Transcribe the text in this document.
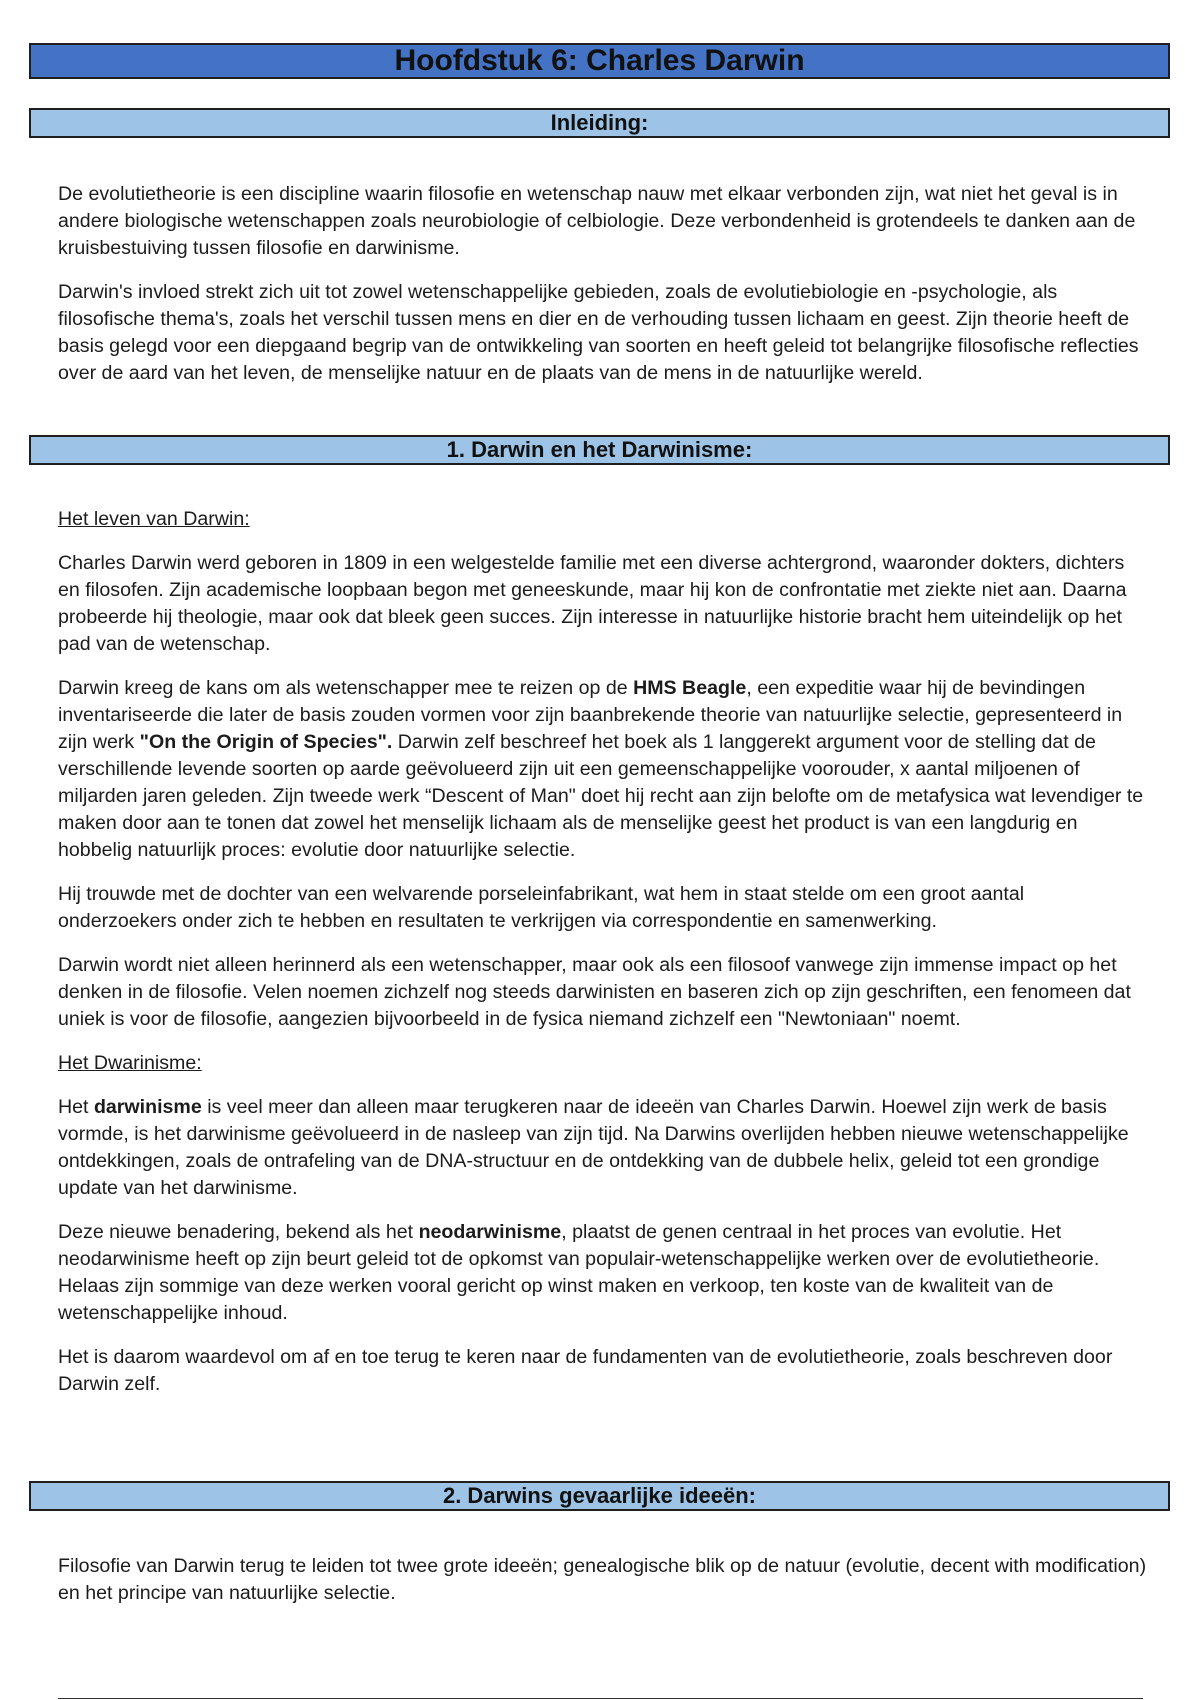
Hoofdstuk 6: Charles Darwin
Inleiding:

De evolutietheorie is een discipline waarin filosofie en wetenschap nauw met elkaar verbonden zijn, wat niet het geval is in andere biologische wetenschappen zoals neurobiologie of celbiologie. Deze verbondenheid is grotendeels te danken aan de kruisbestuiving tussen filosofie en darwinisme.

Darwin's invloed strekt zich uit tot zowel wetenschappelijke gebieden, zoals de evolutiebiologie en -psychologie, als filosofische thema's, zoals het verschil tussen mens en dier en de verhouding tussen lichaam en geest. Zijn theorie heeft de basis gelegd voor een diepgaand begrip van de ontwikkeling van soorten en heeft geleid tot belangrijke filosofische reflecties over de aard van het leven, de menselijke natuur en de plaats van de mens in de natuurlijke wereld.

1. Darwin en het Darwinisme:
Het leven van Darwin:

Charles Darwin werd geboren in 1809 in een welgestelde familie met een diverse achtergrond, waaronder dokters, dichters en filosofen. Zijn academische loopbaan begon met geneeskunde, maar hij kon de confrontatie met ziekte niet aan. Daarna probeerde hij theologie, maar ook dat bleek geen succes. Zijn interesse in natuurlijke historie bracht hem uiteindelijk op het pad van de wetenschap.

Darwin kreeg de kans om als wetenschapper mee te reizen op de HMS Beagle, een expeditie waar hij de bevindingen inventariseerde die later de basis zouden vormen voor zijn baanbrekende theorie van natuurlijke selectie, gepresenteerd in zijn werk "On the Origin of Species". Darwin zelf beschreef het boek als 1 langgerekt argument voor de stelling dat de verschillende levende soorten op aarde geëvolueerd zijn uit een gemeenschappelijke voorouder, x aantal miljoenen of miljarden jaren geleden. Zijn tweede werk “Descent of Man" doet hij recht aan zijn belofte om de metafysica wat levendiger te maken door aan te tonen dat zowel het menselijk lichaam als de menselijke geest het product is van een langdurig en hobbelig natuurlijk proces: evolutie door natuurlijke selectie.

Hij trouwde met de dochter van een welvarende porseleinfabrikant, wat hem in staat stelde om een groot aantal onderzoekers onder zich te hebben en resultaten te verkrijgen via correspondentie en samenwerking.

Darwin wordt niet alleen herinnerd als een wetenschapper, maar ook als een filosoof vanwege zijn immense impact op het denken in de filosofie. Velen noemen zichzelf nog steeds darwinisten en baseren zich op zijn geschriften, een fenomeen dat uniek is voor de filosofie, aangezien bijvoorbeeld in de fysica niemand zichzelf een "Newtoniaan" noemt.

Het Dwarinisme:

Het darwinisme is veel meer dan alleen maar terugkeren naar de ideeën van Charles Darwin. Hoewel zijn werk de basis vormde, is het darwinisme geëvolueerd in de nasleep van zijn tijd. Na Darwins overlijden hebben nieuwe wetenschappelijke ontdekkingen, zoals de ontrafeling van de DNA-structuur en de ontdekking van de dubbele helix, geleid tot een grondige update van het darwinisme.

Deze nieuwe benadering, bekend als het neodarwinisme, plaatst de genen centraal in het proces van evolutie. Het neodarwinisme heeft op zijn beurt geleid tot de opkomst van populair-wetenschappelijke werken over de evolutietheorie. Helaas zijn sommige van deze werken vooral gericht op winst maken en verkoop, ten koste van de kwaliteit van de wetenschappelijke inhoud.

Het is daarom waardevol om af en toe terug te keren naar de fundamenten van de evolutietheorie, zoals beschreven door Darwin zelf.

2. Darwins gevaarlijke ideeën:

Filosofie van Darwin terug te leiden tot twee grote ideeën; genealogische blik op de natuur (evolutie, decent with modification) en het principe van natuurlijke selectie.
